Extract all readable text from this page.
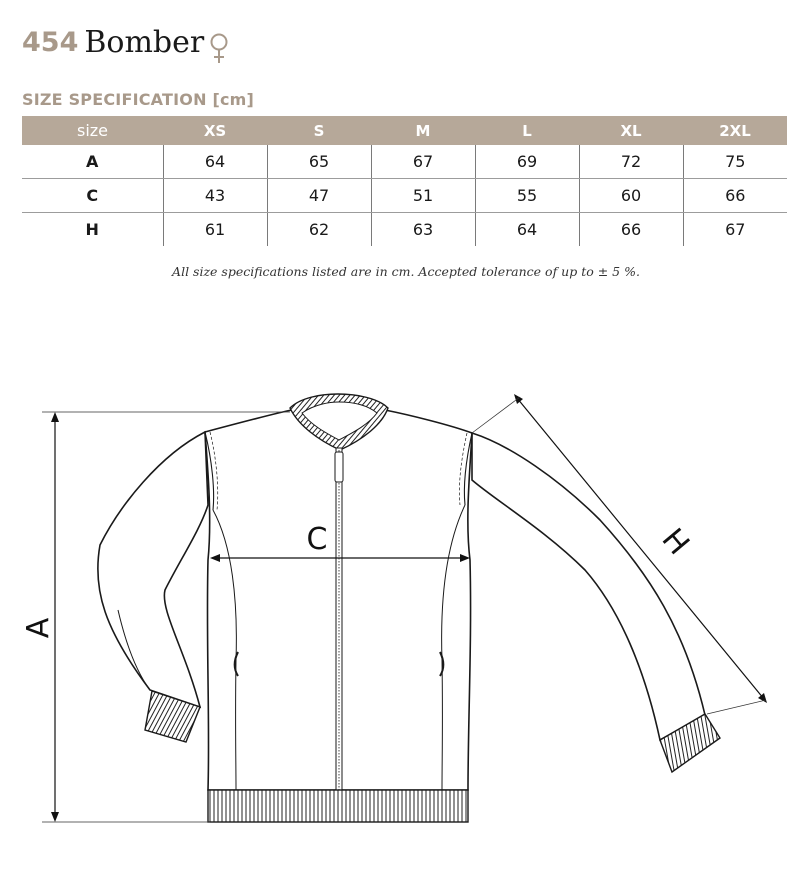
454 Bomber
SIZE SPECIFICATION [cm]
size	XS	S	M	L	XL	2XL
A	64	65	67	69	72	75
C	43	47	51	55	60	66
H	61	62	63	64	66	67
All size specifications listed are in cm. Accepted tolerance of up to ± 5 %.
A
C	H
